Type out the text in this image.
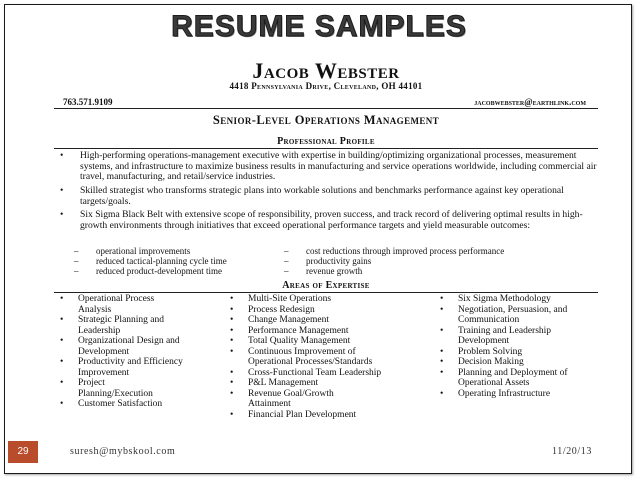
RESUME SAMPLES
Jacob Webster
4418 Pennsylvania Drive, Cleveland, OH 44101
763.571.9109	jacobwebster@earthlink.com
Senior-Level Operations Management
Professional Profile
• High-performing operations-management executive with expertise in building/optimizing organizational processes, measurement systems, and infrastructure to maximize business results in manufacturing and service operations worldwide, including commercial air travel, manufacturing, and retail/service industries.
• Skilled strategist who transforms strategic plans into workable solutions and benchmarks performance against key operational targets/goals.
• Six Sigma Black Belt with extensive scope of responsibility, proven success, and track record of delivering optimal results in high-growth environments through initiatives that exceed operational performance targets and yield measurable outcomes:
– operational improvements
– reduced tactical-planning cycle time
– reduced product-development time
– cost reductions through improved process performance
– productivity gains
– revenue growth
Areas of Expertise
• Operational Process Analysis
• Strategic Planning and Leadership
• Organizational Design and Development
• Productivity and Efficiency Improvement
• Project Planning/Execution
• Customer Satisfaction
• Multi-Site Operations
• Process Redesign
• Change Management
• Performance Management
• Total Quality Management
• Continuous Improvement of Operational Processes/Standards
• Cross-Functional Team Leadership
• P&L Management
• Revenue Goal/Growth Attainment
• Financial Plan Development
• Six Sigma Methodology
• Negotiation, Persuasion, and Communication
• Training and Leadership Development
• Problem Solving
• Decision Making
• Planning and Deployment of Operational Assets
• Operating Infrastructure
29	suresh@mybskool.com	11/20/13
